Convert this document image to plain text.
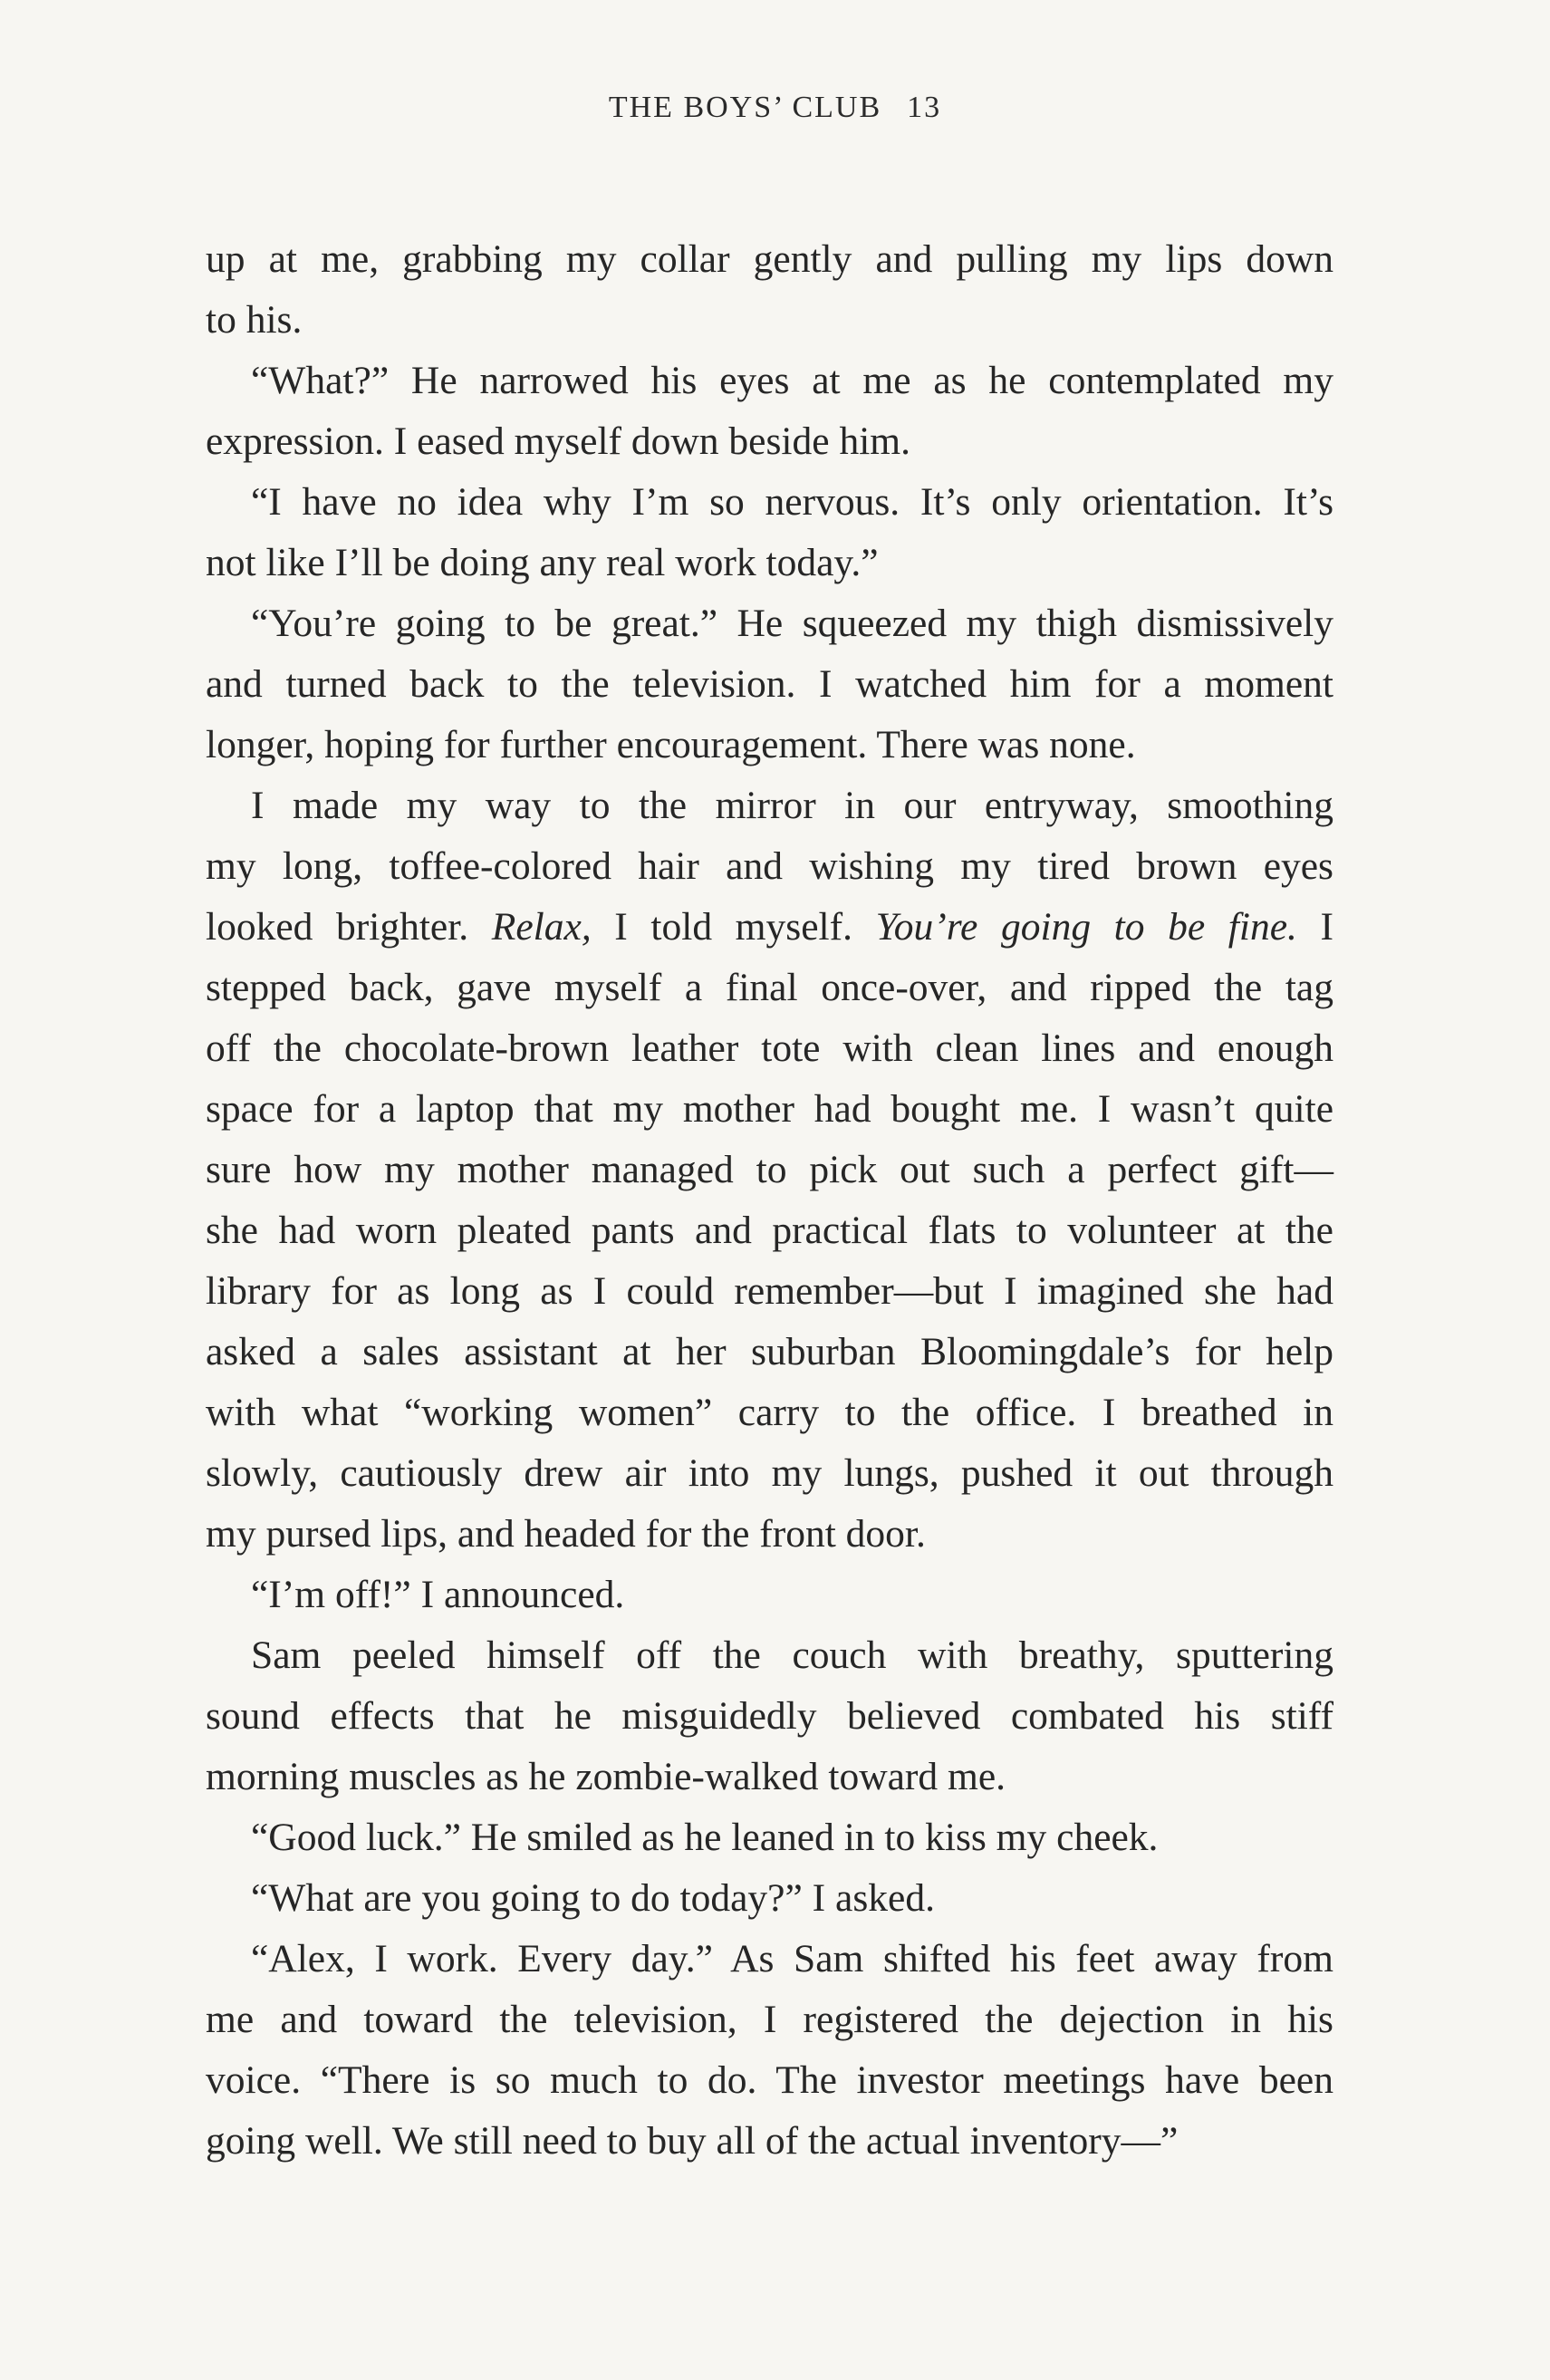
THE BOYS’ CLUB 13
up at me, grabbing my collar gently and pulling my lips down
to his.
“What?” He narrowed his eyes at me as he contemplated my
expression. I eased myself down beside him.
“I have no idea why I’m so nervous. It’s only orientation. It’s
not like I’ll be doing any real work today.”
“You’re going to be great.” He squeezed my thigh dismissively
and turned back to the television. I watched him for a moment
longer, hoping for further encouragement. There was none.
I made my way to the mirror in our entryway, smoothing
my long, toffee-colored hair and wishing my tired brown eyes
looked brighter. Relax, I told myself. You’re going to be fine. I
stepped back, gave myself a final once-over, and ripped the tag
off the chocolate-brown leather tote with clean lines and enough
space for a laptop that my mother had bought me. I wasn’t quite
sure how my mother managed to pick out such a perfect gift—
she had worn pleated pants and practical flats to volunteer at the
library for as long as I could remember—but I imagined she had
asked a sales assistant at her suburban Bloomingdale’s for help
with what “working women” carry to the office. I breathed in
slowly, cautiously drew air into my lungs, pushed it out through
my pursed lips, and headed for the front door.
“I’m off!” I announced.
Sam peeled himself off the couch with breathy, sputtering
sound effects that he misguidedly believed combated his stiff
morning muscles as he zombie-walked toward me.
“Good luck.” He smiled as he leaned in to kiss my cheek.
“What are you going to do today?” I asked.
“Alex, I work. Every day.” As Sam shifted his feet away from
me and toward the television, I registered the dejection in his
voice. “There is so much to do. The investor meetings have been
going well. We still need to buy all of the actual inventory—”
